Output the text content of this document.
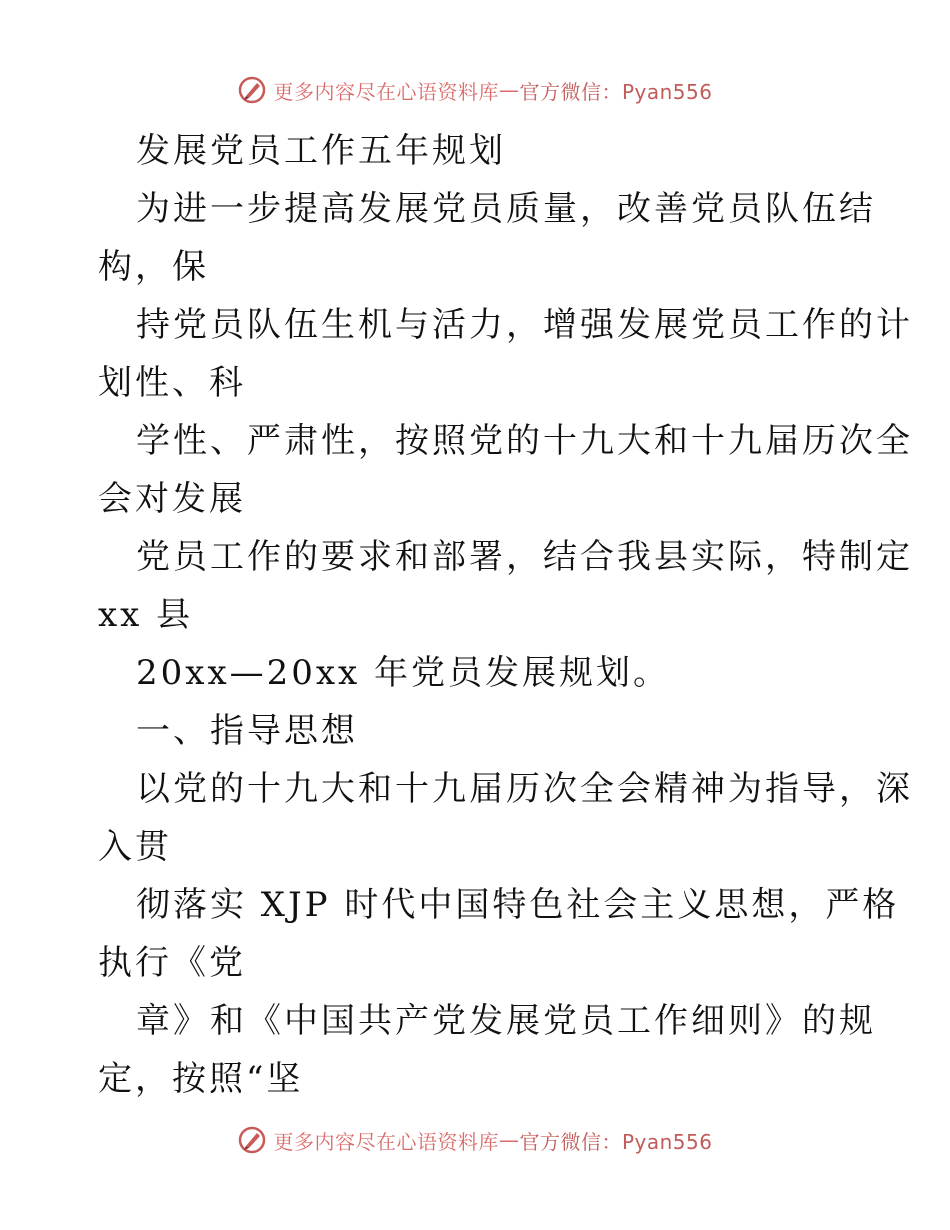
更多内容尽在心语资料库 — 官方微信：Pyan556
发展党员工作五年规划
为进一步提高发展党员质量，改善党员队伍结
构，保
持党员队伍生机与活力，增强发展党员工作的计
划性、科
学性、严肃性，按照党的十九大和十九届历次全
会对发展
党员工作的要求和部署，结合我县实际，特制定
xx 县
20xx—20xx 年党员发展规划。
一、指导思想
以党的十九大和十九届历次全会精神为指导，深
入贯
彻落实 XJP 时代中国特色社会主义思想，严格
执行《党
章》和《中国共产党发展党员工作细则》的规
定，按照“坚
更多内容尽在心语资料库 — 官方微信：Pyan556
